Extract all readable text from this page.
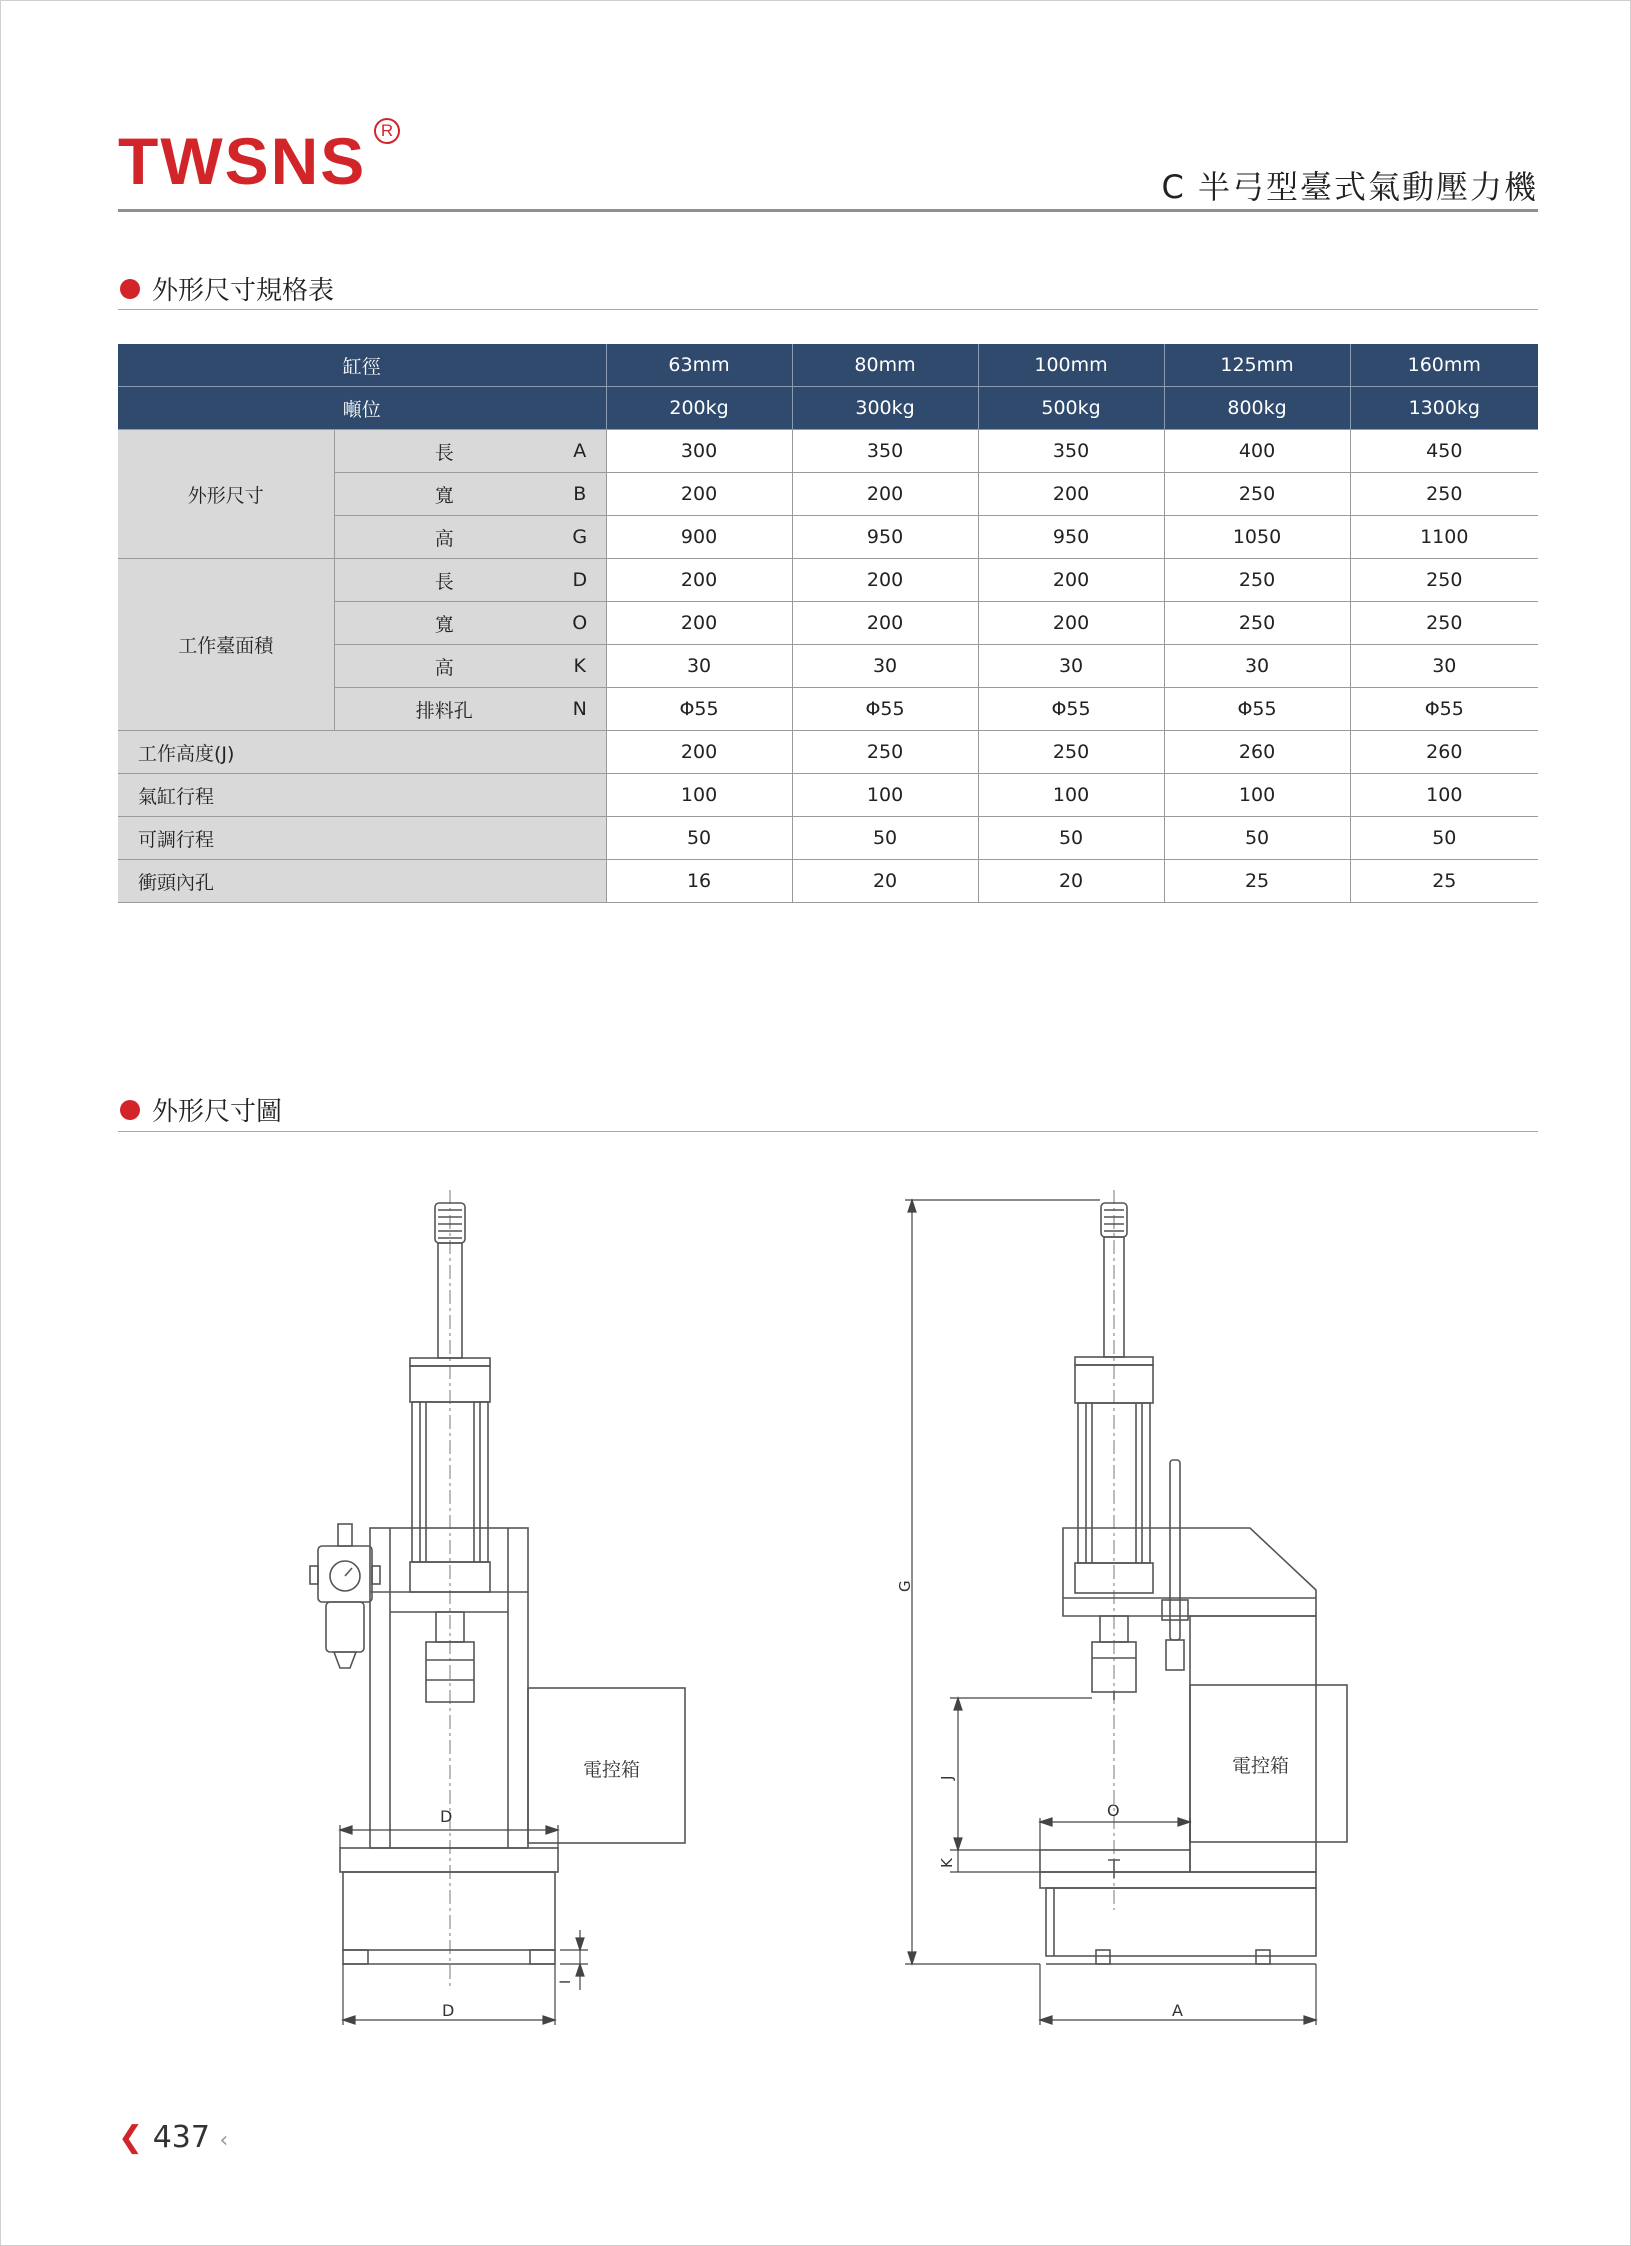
TWSNS R
C 半弓型臺式氣動壓力機
外形尺寸規格表
缸徑			63mm	80mm	100mm	125mm	160mm
噸位			200kg	300kg	500kg	800kg	1300kg
外形尺寸	長	A	300	350	350	400	450
	寬	B	200	200	200	250	250
	高	G	900	950	950	1050	1100
工作臺面積	長	D	200	200	200	250	250
	寬	O	200	200	200	250	250
	高	K	30	30	30	30	30
	排料孔	N	Φ55	Φ55	Φ55	Φ55	Φ55
工作高度(J)			200	250	250	260	260
氣缸行程			100	100	100	100	100
可調行程			50	50	50	50	50
衝頭內孔			16	20	20	25	25
外形尺寸圖
電控箱	電控箱
D
D
I
G
J
K
O
A
❮ 437 ‹
